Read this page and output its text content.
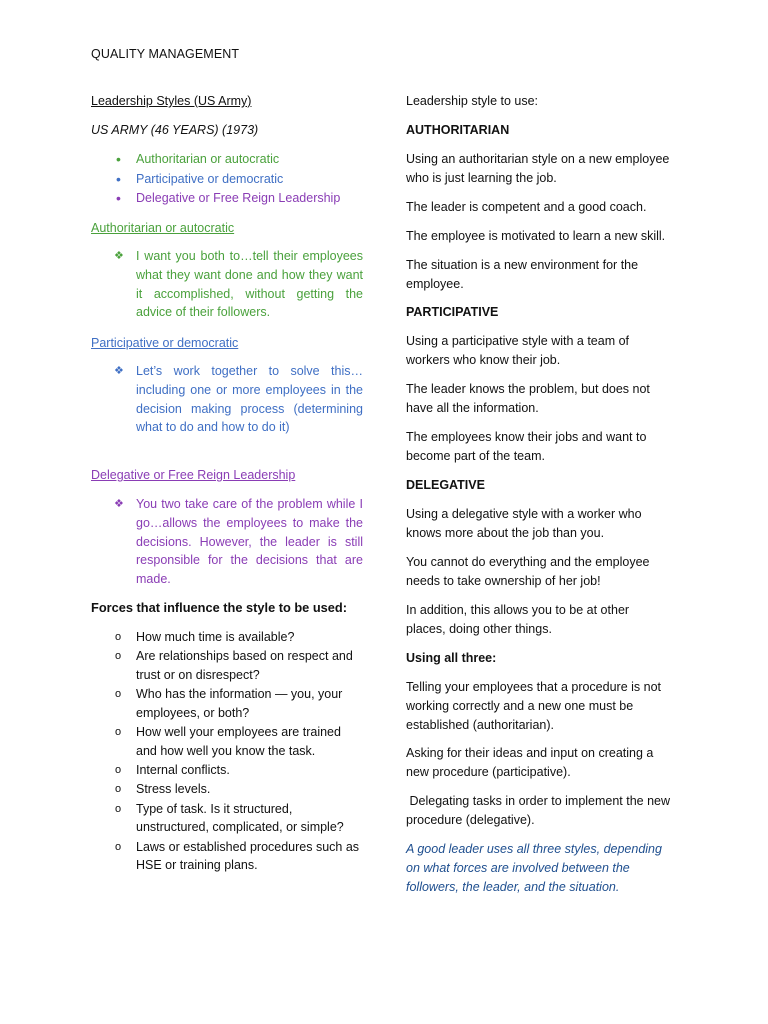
QUALITY MANAGEMENT
Leadership Styles (US Army)
US ARMY (46 YEARS) (1973)
• Authoritarian or autocratic
• Participative or democratic
• Delegative or Free Reign Leadership
Authoritarian or autocratic
❖ I want you both to…tell their employees what they want done and how they want it accomplished, without getting the advice of their followers.
Participative or democratic
❖ Let’s work together to solve this…including one or more employees in the decision making process (determining what to do and how to do it)
Delegative or Free Reign Leadership
❖ You two take care of the problem while I go…allows the employees to make the decisions. However, the leader is still responsible for the decisions that are made.
Forces that influence the style to be used:
o How much time is available?
o Are relationships based on respect and trust or on disrespect?
o Who has the information — you, your employees, or both?
o How well your employees are trained and how well you know the task.
o Internal conflicts.
o Stress levels.
o Type of task. Is it structured, unstructured, complicated, or simple?
o Laws or established procedures such as HSE or training plans.
Leadership style to use:
AUTHORITARIAN
Using an authoritarian style on a new employee who is just learning the job.
The leader is competent and a good coach.
The employee is motivated to learn a new skill.
The situation is a new environment for the employee.
PARTICIPATIVE
Using a participative style with a team of workers who know their job.
The leader knows the problem, but does not have all the information.
The employees know their jobs and want to become part of the team.
DELEGATIVE
Using a delegative style with a worker who knows more about the job than you.
You cannot do everything and the employee needs to take ownership of her job!
In addition, this allows you to be at other places, doing other things.
Using all three:
Telling your employees that a procedure is not working correctly and a new one must be established (authoritarian).
Asking for their ideas and input on creating a new procedure (participative).
Delegating tasks in order to implement the new procedure (delegative).
A good leader uses all three styles, depending on what forces are involved between the followers, the leader, and the situation.
